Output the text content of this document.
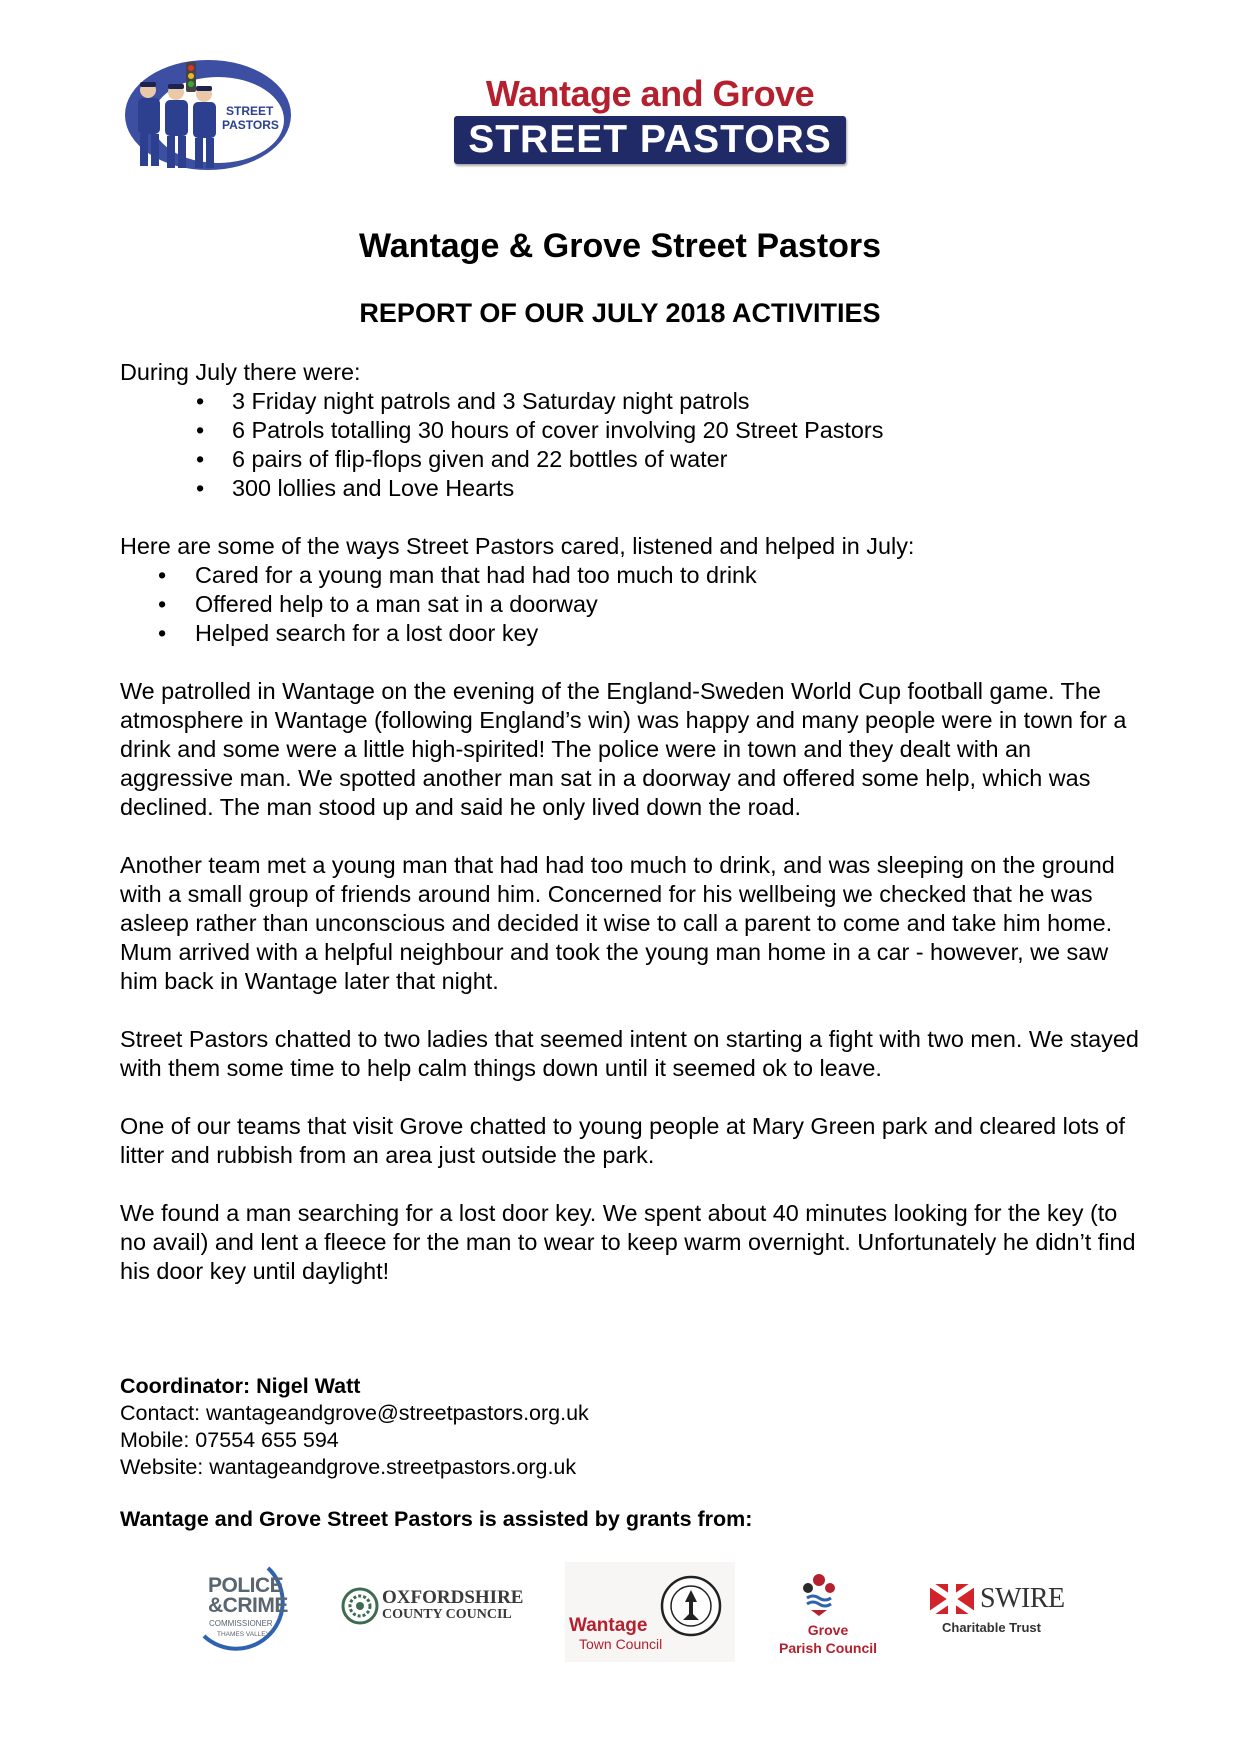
STREET
PASTORS
Wantage and Grove
STREET PASTORS
Wantage & Grove Street Pastors
REPORT OF OUR JULY 2018 ACTIVITIES

During July there were:

• 3 Friday night patrols and 3 Saturday night patrols
• 6 Patrols totalling 30 hours of cover involving 20 Street Pastors
• 6 pairs of flip-flops given and 22 bottles of water
• 300 lollies and Love Hearts

Here are some of the ways Street Pastors cared, listened and helped in July:

• Cared for a young man that had had too much to drink
• Offered help to a man sat in a doorway
• Helped search for a lost door key

We patrolled in Wantage on the evening of the England-Sweden World Cup football game. The atmosphere in Wantage (following England’s win) was happy and many people were in town for a drink and some were a little high-spirited! The police were in town and they dealt with an aggressive man. We spotted another man sat in a doorway and offered some help, which was declined. The man stood up and said he only lived down the road.

Another team met a young man that had had too much to drink, and was sleeping on the ground with a small group of friends around him. Concerned for his wellbeing we checked that he was asleep rather than unconscious and decided it wise to call a parent to come and take him home. Mum arrived with a helpful neighbour and took the young man home in a car - however, we saw him back in Wantage later that night.

Street Pastors chatted to two ladies that seemed intent on starting a fight with two men. We stayed with them some time to help calm things down until it seemed ok to leave.

One of our teams that visit Grove chatted to young people at Mary Green park and cleared lots of litter and rubbish from an area just outside the park.

We found a man searching for a lost door key. We spent about 40 minutes looking for the key (to no avail) and lent a fleece for the man to wear to keep warm overnight. Unfortunately he didn’t find his door key until daylight!

Coordinator: Nigel Watt
Contact: wantageandgrove@streetpastors.org.uk
Mobile: 07554 655 594
Website: wantageandgrove.streetpastors.org.uk
Wantage and Grove Street Pastors is assisted by grants from:
POLICE
&CRIME
COMMISSIONER
THAMES VALLEY
OXFORDSHIRE
COUNTY COUNCIL
Wantage
Town Council
Grove
Parish Council
SWIRE
Charitable Trust
